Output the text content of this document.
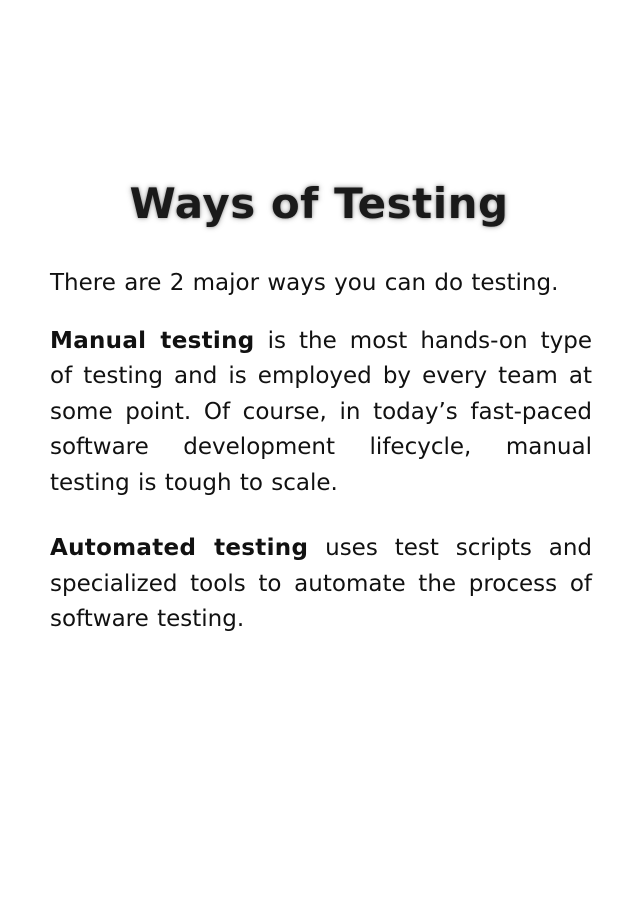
Ways of Testing

There are 2 major ways you can do testing.

Manual testing is the most hands-on type of testing and is employed by every team at some point. Of course, in today’s fast-paced software development lifecycle, manual testing is tough to scale.

Automated testing uses test scripts and specialized tools to automate the process of software testing.
